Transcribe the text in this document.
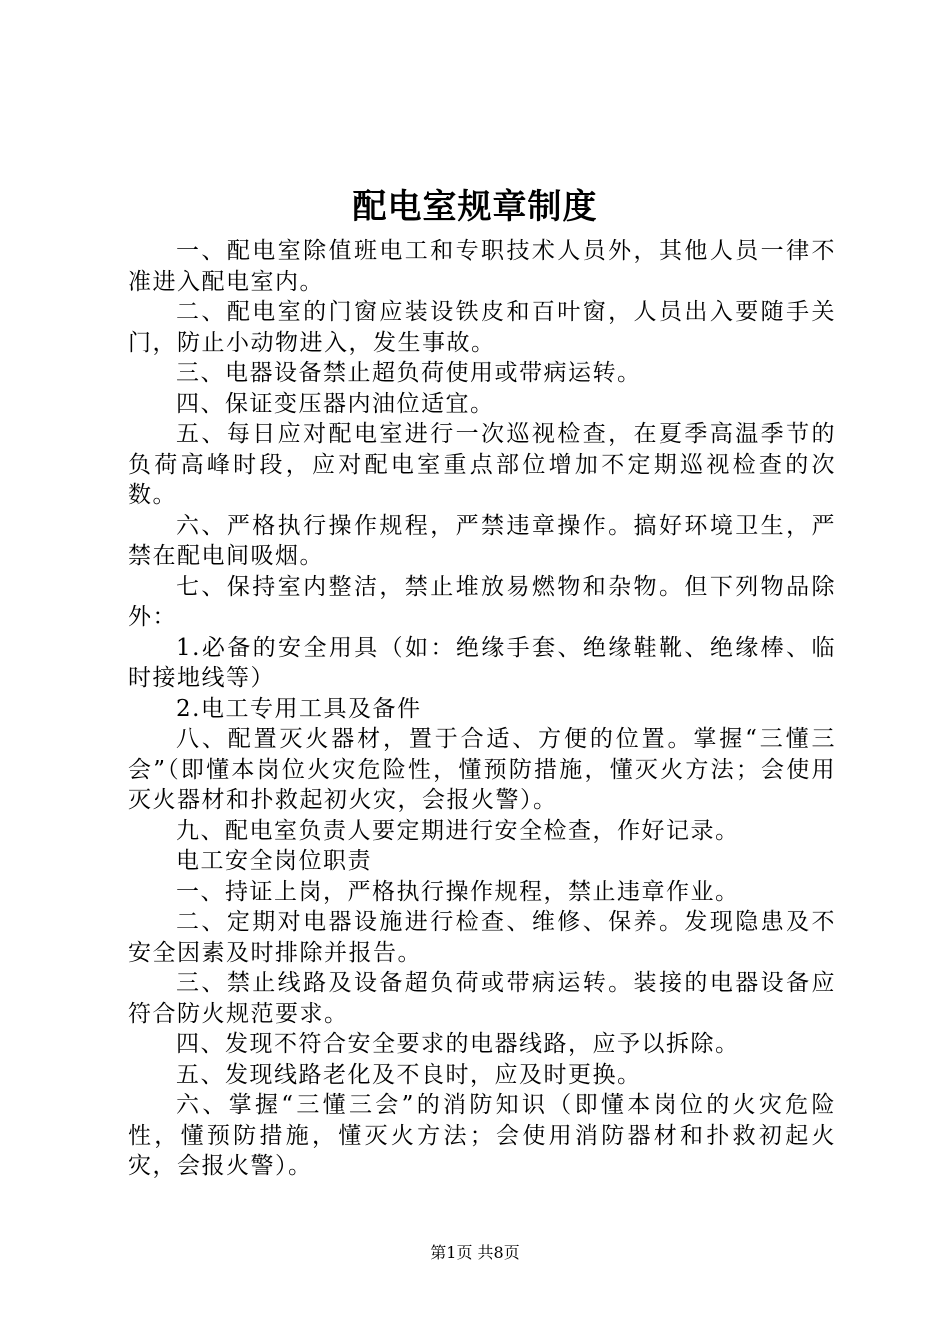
配电室规章制度

一、配电室除值班电工和专职技术人员外，其他人员一律不准进入配电室内。

二、配电室的门窗应装设铁皮和百叶窗，人员出入要随手关门，防止小动物进入，发生事故。

三、电器设备禁止超负荷使用或带病运转。

四、保证变压器内油位适宜。

五、每日应对配电室进行一次巡视检查，在夏季高温季节的负荷高峰时段，应对配电室重点部位增加不定期巡视检查的次数。

六、严格执行操作规程，严禁违章操作。搞好环境卫生，严禁在配电间吸烟。

七、保持室内整洁，禁止堆放易燃物和杂物。但下列物品除外：

1.必备的安全用具（如：绝缘手套、绝缘鞋靴、绝缘棒、临时接地线等）

2.电工专用工具及备件

八、配置灭火器材，置于合适、方便的位置。掌握“三懂三会”（即懂本岗位火灾危险性，懂预防措施，懂灭火方法；会使用灭火器材和扑救起初火灾，会报火警）。

九、配电室负责人要定期进行安全检查，作好记录。

电工安全岗位职责

一、持证上岗，严格执行操作规程，禁止违章作业。

二、定期对电器设施进行检查、维修、保养。发现隐患及不安全因素及时排除并报告。

三、禁止线路及设备超负荷或带病运转。装接的电器设备应符合防火规范要求。

四、发现不符合安全要求的电器线路，应予以拆除。

五、发现线路老化及不良时，应及时更换。

六、掌握“三懂三会”的消防知识（即懂本岗位的火灾危险性，懂预防措施，懂灭火方法；会使用消防器材和扑救初起火灾，会报火警）。

第1页 共8页
